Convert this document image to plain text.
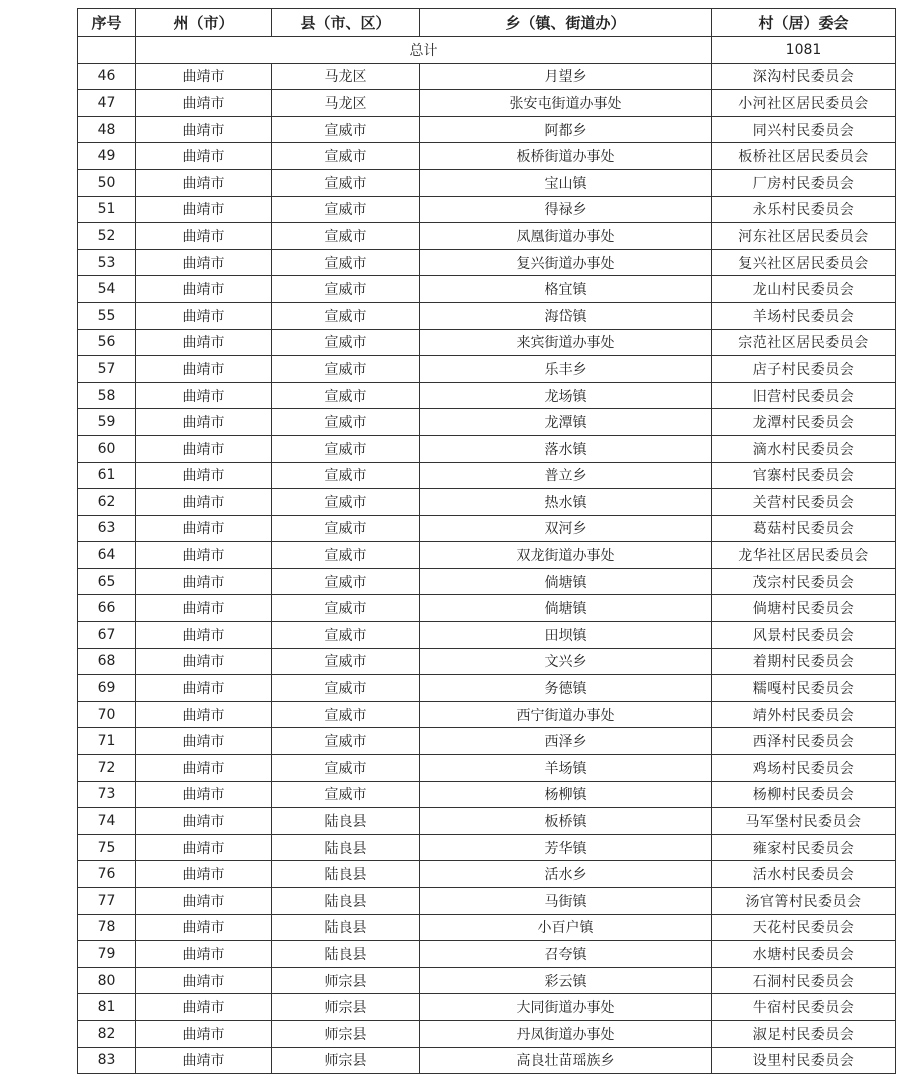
序号	州（市）	县（市、区）	乡（镇、街道办）	村（居）委会
	总计			1081
46	曲靖市	马龙区	月望乡	深沟村民委员会
47	曲靖市	马龙区	张安屯街道办事处	小河社区居民委员会
48	曲靖市	宣威市	阿都乡	同兴村民委员会
49	曲靖市	宣威市	板桥街道办事处	板桥社区居民委员会
50	曲靖市	宣威市	宝山镇	厂房村民委员会
51	曲靖市	宣威市	得禄乡	永乐村民委员会
52	曲靖市	宣威市	凤凰街道办事处	河东社区居民委员会
53	曲靖市	宣威市	复兴街道办事处	复兴社区居民委员会
54	曲靖市	宣威市	格宜镇	龙山村民委员会
55	曲靖市	宣威市	海岱镇	羊场村民委员会
56	曲靖市	宣威市	来宾街道办事处	宗范社区居民委员会
57	曲靖市	宣威市	乐丰乡	店子村民委员会
58	曲靖市	宣威市	龙场镇	旧营村民委员会
59	曲靖市	宣威市	龙潭镇	龙潭村民委员会
60	曲靖市	宣威市	落水镇	滴水村民委员会
61	曲靖市	宣威市	普立乡	官寨村民委员会
62	曲靖市	宣威市	热水镇	关营村民委员会
63	曲靖市	宣威市	双河乡	葛菇村民委员会
64	曲靖市	宣威市	双龙街道办事处	龙华社区居民委员会
65	曲靖市	宣威市	倘塘镇	茂宗村民委员会
66	曲靖市	宣威市	倘塘镇	倘塘村民委员会
67	曲靖市	宣威市	田坝镇	风景村民委员会
68	曲靖市	宣威市	文兴乡	着期村民委员会
69	曲靖市	宣威市	务德镇	糯嘎村民委员会
70	曲靖市	宣威市	西宁街道办事处	靖外村民委员会
71	曲靖市	宣威市	西泽乡	西泽村民委员会
72	曲靖市	宣威市	羊场镇	鸡场村民委员会
73	曲靖市	宣威市	杨柳镇	杨柳村民委员会
74	曲靖市	陆良县	板桥镇	马军堡村民委员会
75	曲靖市	陆良县	芳华镇	雍家村民委员会
76	曲靖市	陆良县	活水乡	活水村民委员会
77	曲靖市	陆良县	马街镇	汤官箐村民委员会
78	曲靖市	陆良县	小百户镇	天花村民委员会
79	曲靖市	陆良县	召夸镇	水塘村民委员会
80	曲靖市	师宗县	彩云镇	石洞村民委员会
81	曲靖市	师宗县	大同街道办事处	牛宿村民委员会
82	曲靖市	师宗县	丹凤街道办事处	淑足村民委员会
83	曲靖市	师宗县	高良壮苗瑶族乡	设里村民委员会
